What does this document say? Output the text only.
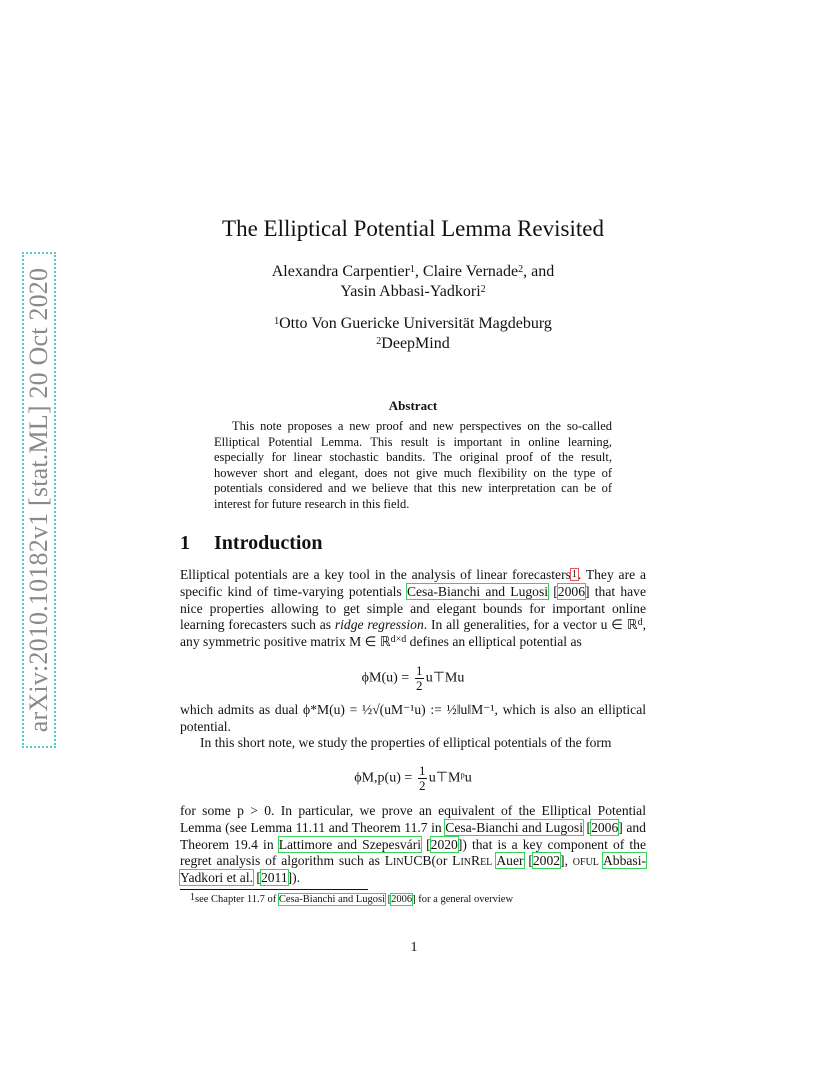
arXiv:2010.10182v1 [stat.ML] 20 Oct 2020
The Elliptical Potential Lemma Revisited
Alexandra Carpentier$^1$, Claire Vernade$^2$, and
Yasin Abbasi-Yadkori$^2$
$^1$Otto Von Guericke Universität Magdeburg
$^2$DeepMind
Abstract

This note proposes a new proof and new perspectives on the so-called Elliptical Potential Lemma. This result is important in online learning, especially for linear stochastic bandits. The original proof of the result, however short and elegant, does not give much flexibility on the type of potentials considered and we believe that this new interpretation can be of interest for future research in this field.

1 Introduction

Elliptical potentials are a key tool in the analysis of linear forecasters$^1$. They are a specific kind of time-varying potentials Cesa-Bianchi and Lugosi [2006] that have nice properties allowing to get simple and elegant bounds for important online learning forecasters such as ridge regression. In all generalities, for a vector u ∈ ℝ$^d$, any symmetric positive matrix M ∈ ℝ$^{d\times d}$ defines an elliptical potential as

$\phi M(u) = \frac{1}{2}$ u⊤Mu

which admits as dual ϕ*M(u) = ½√(uM⁻¹u) := ½‖u‖M⁻¹, which is also an elliptical potential.

In this short note, we study the properties of elliptical potentials of the form

$\phi M,p(u) = \frac{1}{2}$ u⊤Mᵖu

for some p > 0. In particular, we prove an equivalent of the Elliptical Potential Lemma (see Lemma 11.11 and Theorem 11.7 in Cesa-Bianchi and Lugosi [2006] and Theorem 19.4 in Lattimore and Szepesvári [2020]) that is a key component of the regret analysis of algorithm such as LinUCB(or LinRel Auer [2002], oful Abbasi-Yadkori et al. [2011]).

$^1$see Chapter 11.7 of Cesa-Bianchi and Lugosi [2006] for a general overview
1
